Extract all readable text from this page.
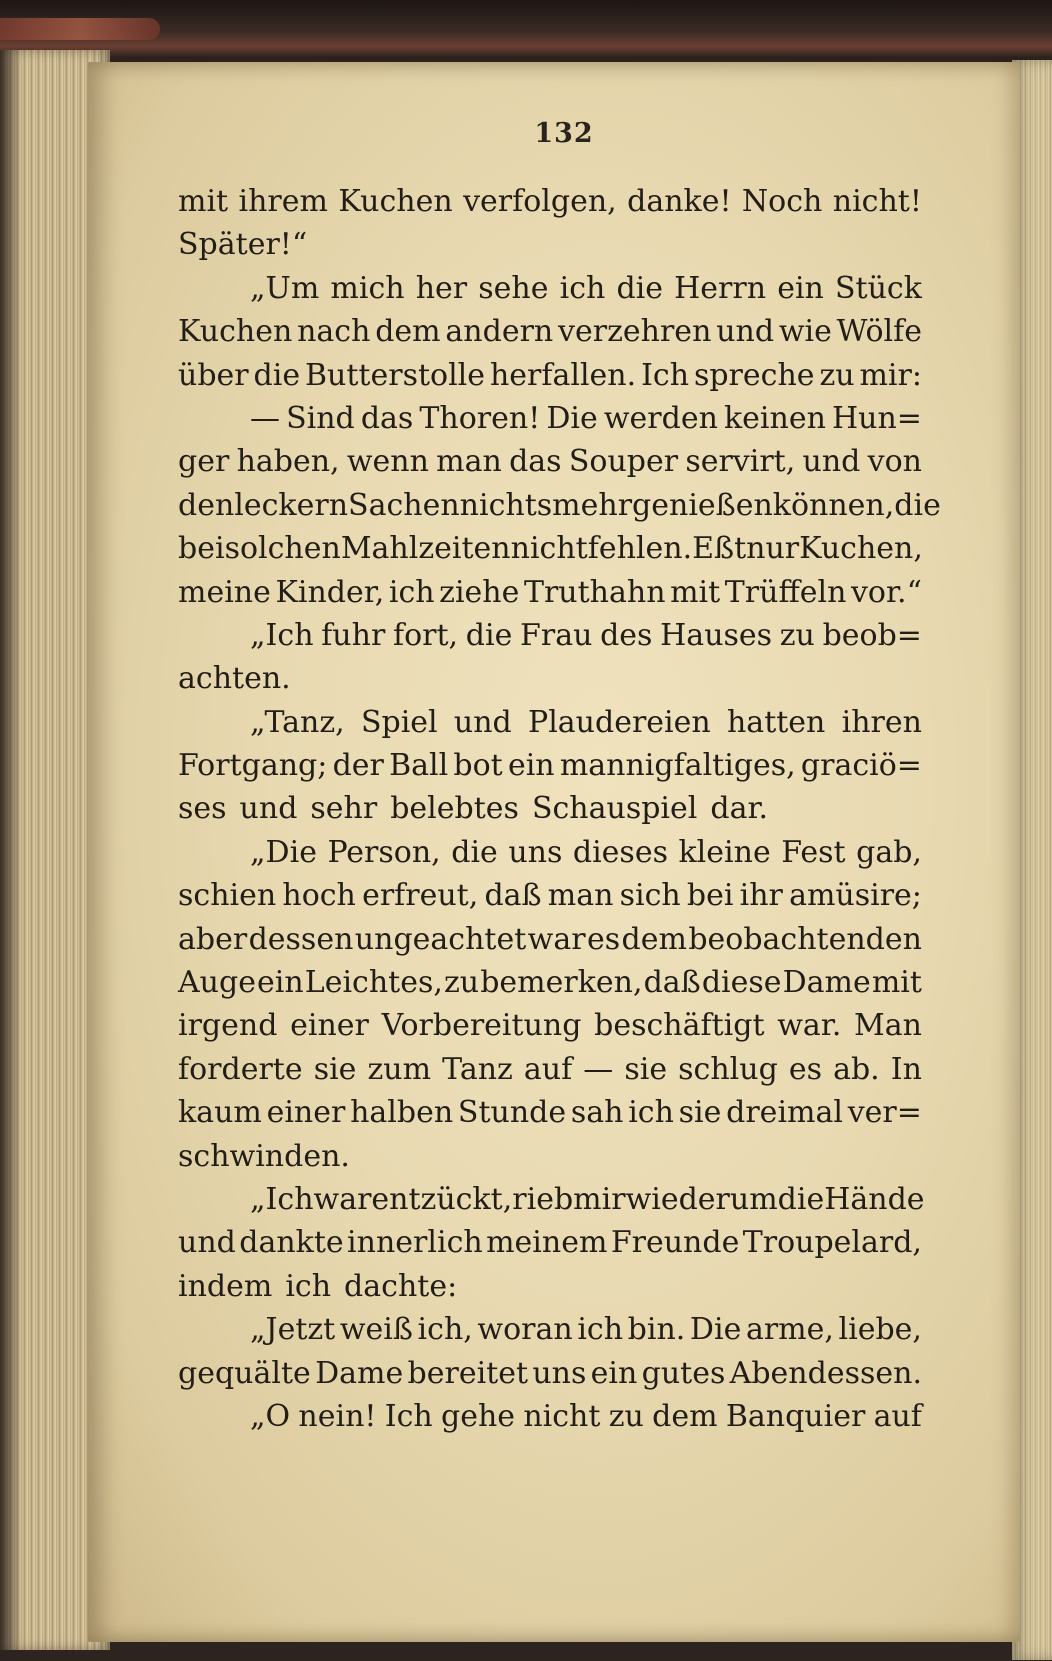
132
mit ihrem Kuchen verfolgen, danke! Noch nicht!
Später!“
„Um mich her sehe ich die Herrn ein Stück
Kuchen nach dem andern verzehren und wie Wölfe
über die Butterstolle herfallen. Ich spreche zu mir:
— Sind das Thoren! Die werden keinen Hun=
ger haben, wenn man das Souper servirt, und von
den leckern Sachen nichts mehr genießen können, die
bei solchen Mahlzeiten nicht fehlen. Eßt nur Kuchen,
meine Kinder, ich ziehe Truthahn mit Trüffeln vor.“
„Ich fuhr fort, die Frau des Hauses zu beob=
achten.
„Tanz, Spiel und Plaudereien hatten ihren
Fortgang; der Ball bot ein mannigfaltiges, graciö=
ses und sehr belebtes Schauspiel dar.
„Die Person, die uns dieses kleine Fest gab,
schien hoch erfreut, daß man sich bei ihr amüsire;
aber dessen ungeachtet war es dem beobachtenden
Auge ein Leichtes, zu bemerken, daß diese Dame mit
irgend einer Vorbereitung beschäftigt war. Man
forderte sie zum Tanz auf — sie schlug es ab. In
kaum einer halben Stunde sah ich sie dreimal ver=
schwinden.
„Ich war entzückt, rieb mir wiederum die Hände
und dankte innerlich meinem Freunde Troupelard,
indem ich dachte:
„Jetzt weiß ich, woran ich bin. Die arme, liebe,
gequälte Dame bereitet uns ein gutes Abendessen.
„O nein! Ich gehe nicht zu dem Banquier auf
